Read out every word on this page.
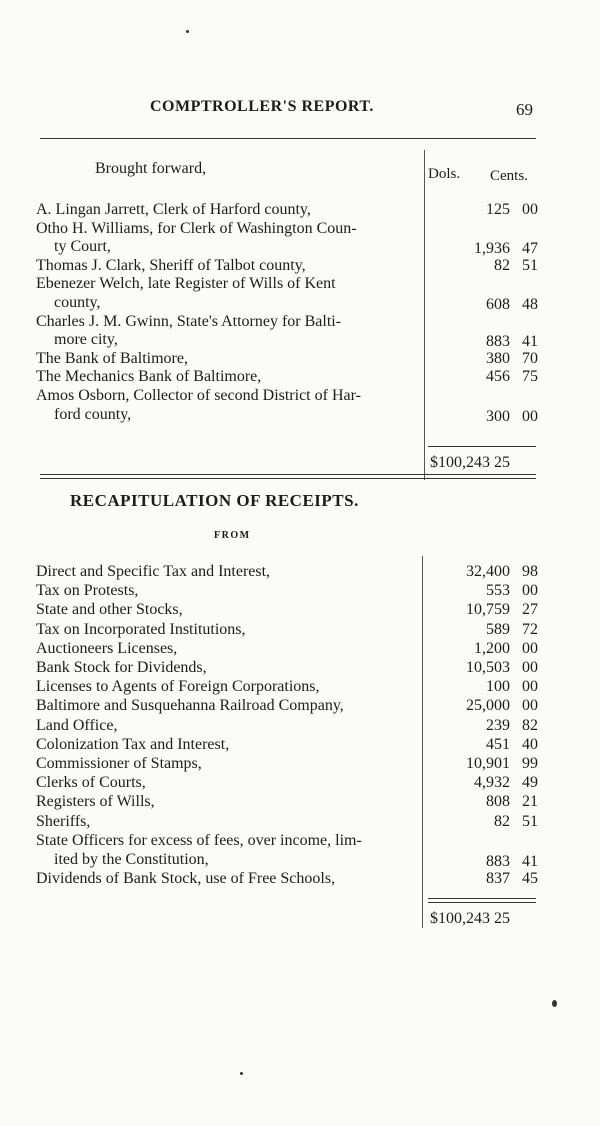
COMPTROLLER'S REPORT.	69
Dols. Cents.
Brought forward,
A. Lingan Jarrett, Clerk of Harford county,	125 00
Otho H. Williams, for Clerk of Washington Coun-
ty Court,	1,936 47
Thomas J. Clark, Sheriff of Talbot county,	82 51
Ebenezer Welch, late Register of Wills of Kent
county,	608 48
Charles J. M. Gwinn, State's Attorney for Balti-
more city,	883 41
The Bank of Baltimore,	380 70
The Mechanics Bank of Baltimore,	456 75
Amos Osborn, Collector of second District of Har-
ford county,	300 00
$100,243 25
RECAPITULATION OF RECEIPTS.
FROM
Direct and Specific Tax and Interest,	32,400 98
Tax on Protests,	553 00
State and other Stocks,	10,759 27
Tax on Incorporated Institutions,	589 72
Auctioneers Licenses,	1,200 00
Bank Stock for Dividends,	10,503 00
Licenses to Agents of Foreign Corporations,	100 00
Baltimore and Susquehanna Railroad Company,	25,000 00
Land Office,	239 82
Colonization Tax and Interest,	451 40
Commissioner of Stamps,	10,901 99
Clerks of Courts,	4,932 49
Registers of Wills,	808 21
Sheriffs,	82 51
State Officers for excess of fees, over income, lim-
ited by the Constitution,	883 41
Dividends of Bank Stock, use of Free Schools,	837 45
$100,243 25
